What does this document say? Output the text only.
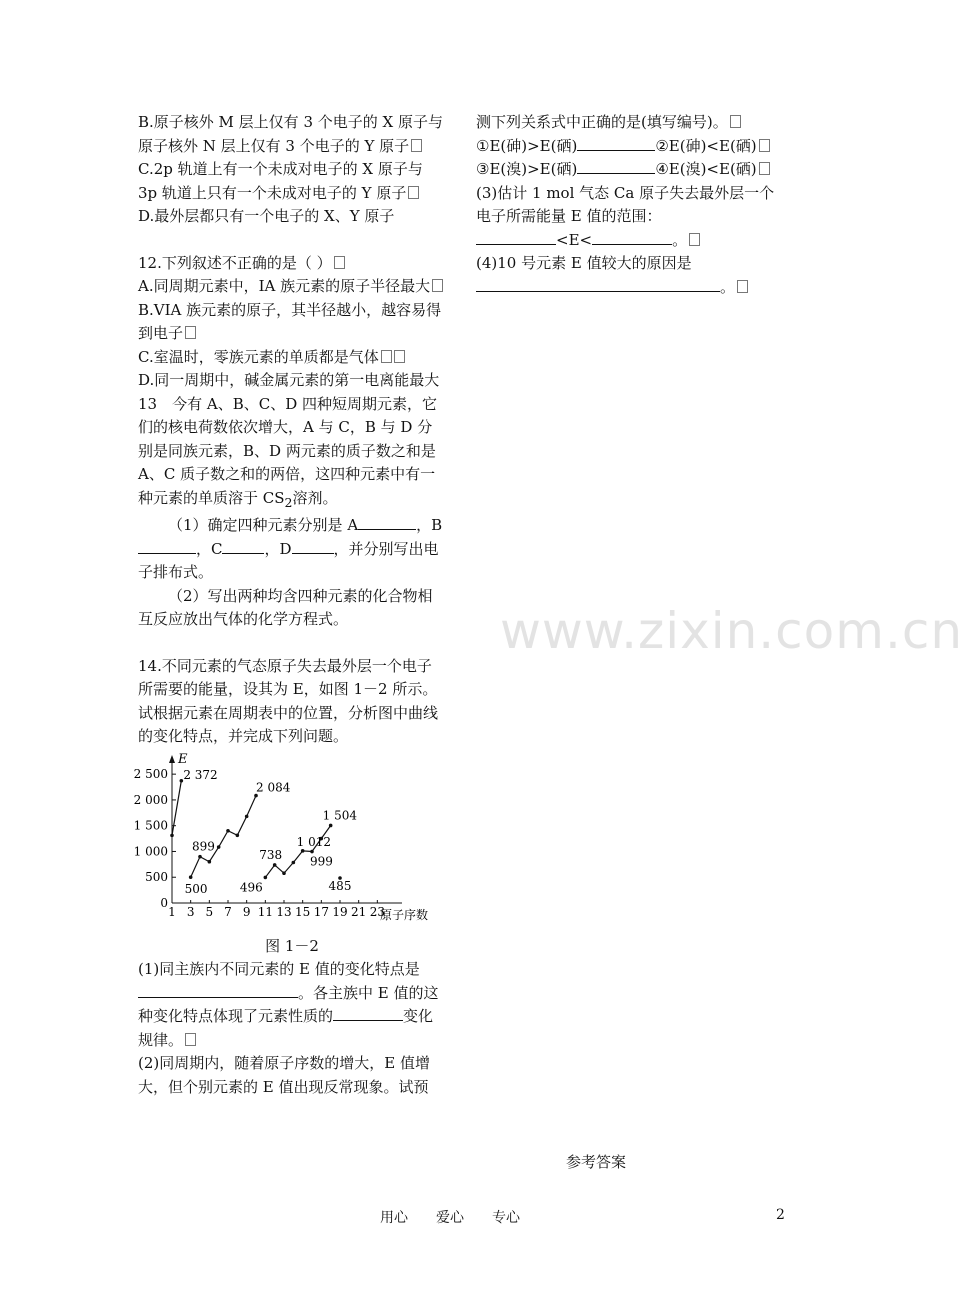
www.zixin.com.cn

B.原子核外 M 层上仅有 3 个电子的 X 原子与原子核外 N 层上仅有 3 个电子的 Y 原子

C.2p 轨道上有一个未成对电子的 X 原子与 3p 轨道上只有一个未成对电子的 Y 原子

D.最外层都只有一个电子的 X、Y 原子

12.下列叙述不正确的是（ ）

A.同周期元素中，IA 族元素的原子半径最大

B.VIA 族元素的原子，其半径越小，越容易得到电子

C.室温时，零族元素的单质都是气体

D.同一周期中，碱金属元素的第一电离能最大

13　今有 A、B、C、D 四种短周期元素，它们的核电荷数依次增大，A 与 C，B 与 D 分别是同族元素，B、D 两元素的质子数之和是 A、C 质子数之和的两倍，这四种元素中有一种元素的单质溶于 $CS_2$溶剂。

（1）确定四种元素分别是 A	，B，C	，D	，并分别写出电子排布式。

（2）写出两种均含四种元素的化合物相互反应放出气体的化学方程式。

14.不同元素的气态原子失去最外层一个电子所需要的能量，设其为 E，如图 1－2 所示。试根据元素在周期表中的位置，分析图中曲线的变化特点，并完成下列问题。

E
0
500
1 000
1 500
2 000
2 500
1 3 5 7 9 11 13 15 17 19 21 23
原子序数
2 372
500
899
2 084
496
738
1 012
999
1 504
485

图 1－2

(1)同主族内不同元素的 E 值的变化特点是。各主族中 E 值的这种变化特点体现了元素性质的	变化规律。

(2)同周期内，随着原子序数的增大，E 值增大，但个别元素的 E 值出现反常现象。试预

测下列关系式中正确的是(填写编号)。

①E(砷)>E(硒)	②E(砷)<E(硒)

③E(溴)>E(硒)	④E(溴)<E(硒)

(3)估计 1 mol 气态 Ca 原子失去最外层一个电子所需能量 E 值的范围：

<E<	。

(4)10 号元素 E 值较大的原因是

。

参考答案
用心　　爱心　　专心	2
